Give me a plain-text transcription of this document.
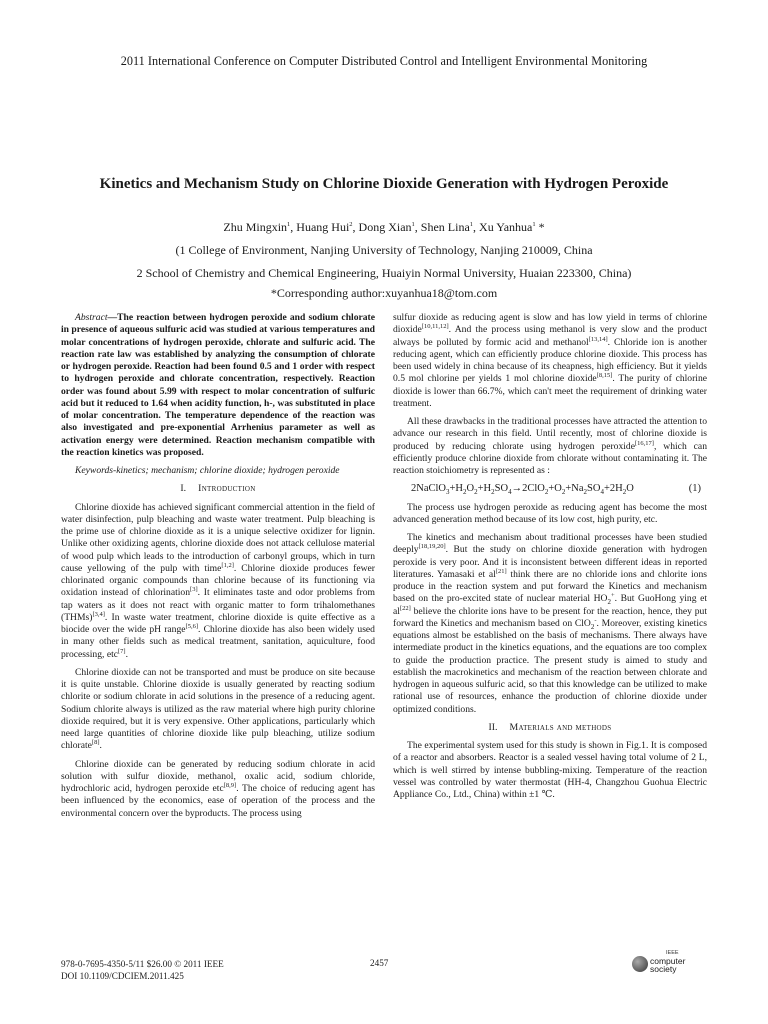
2011 International Conference on Computer Distributed Control and Intelligent Environmental Monitoring
Kinetics and Mechanism Study on Chlorine Dioxide Generation with Hydrogen Peroxide
Zhu Mingxin$^1$, Huang Hui$^2$, Dong Xian$^1$, Shen Lina$^1$, Xu Yanhua$^1$ *
(1 College of Environment, Nanjing University of Technology, Nanjing 210009, China
2 School of Chemistry and Chemical Engineering, Huaiyin Normal University, Huaian 223300, China)
*Corresponding author:xuyanhua18@tom.com

Abstract—The reaction between hydrogen peroxide and sodium chlorate in presence of aqueous sulfuric acid was studied at various temperatures and molar concentrations of hydrogen peroxide, chlorate and sulfuric acid. The reaction rate law was established by analyzing the consumption of chlorate or hydrogen peroxide. Reaction had been found 0.5 and 1 order with respect to hydrogen peroxide and chlorate concentration, respectively. Reaction order was found about 5.99 with respect to molar concentration of sulfuric acid but it reduced to 1.64 when acidity function, h-, was substituted in place of molar concentration. The temperature dependence of the reaction was also investigated and pre-exponential Arrhenius parameter as well as activation energy were determined. Reaction mechanism compatible with the reaction kinetics was proposed.

Keywords-kinetics; mechanism; chlorine dioxide; hydrogen peroxide

I. Introduction

Chlorine dioxide has achieved significant commercial attention in the field of water disinfection, pulp bleaching and waste water treatment. Pulp bleaching is the prime use of chlorine dioxide as it is a unique selective oxidizer for lignin. Unlike other oxidizing agents, chlorine dioxide does not attack cellulose material of wood pulp which leads to the introduction of carbonyl groups, which in turn cause yellowing of the pulp with time[1,2]. Chlorine dioxide produces fewer chlorinated organic compounds than chlorine because of its functioning via oxidation instead of chlorination[3]. It eliminates taste and odor problems from tap waters as it does not react with organic matter to form trihalomethanes (THMs)[3,4]. In waste water treatment, chlorine dioxide is quite effective as a biocide over the wide pH range[5,6]. Chlorine dioxide has also been widely used in many other fields such as medical treatment, sanitation, aquiculture, food processing, etc[7].

Chlorine dioxide can not be transported and must be produce on site because it is quite unstable. Chlorine dioxide is usually generated by reacting sodium chlorite or sodium chlorate in acid solutions in the presence of a reducing agent. Sodium chlorite always is utilized as the raw material where high purity chlorine dioxide required, but it is very expensive. Other applications, particularly which need large quantities of chlorine dioxide like pulp bleaching, utilize sodium chlorate[8].

Chlorine dioxide can be generated by reducing sodium chlorate in acid solution with sulfur dioxide, methanol, oxalic acid, sodium chloride, hydrochloric acid, hydrogen peroxide etc[8,9]. The choice of reducing agent has been influenced by the economics, ease of operation of the process and the environmental concern over the byproducts. The process using

sulfur dioxide as reducing agent is slow and has low yield in terms of chlorine dioxide[10,11,12]. And the process using methanol is very slow and the product always be polluted by formic acid and methanol[13,14]. Chloride ion is another reducing agent, which can efficiently produce chlorine dioxide. This process has been used widely in china because of its cheapness, high efficiency. But it yields 0.5 mol chlorine per yields 1 mol chlorine dioxide[8,15]. The purity of chlorine dioxide is lower than 66.7%, which can't meet the requirement of drinking water treatment.

All these drawbacks in the traditional processes have attracted the attention to advance our research in this field. Until recently, most of chlorine dioxide is produced by reducing chlorate using hydrogen peroxide[16,17], which can efficiently produce chlorine dioxide from chlorate without contaminating it. The reaction stoichiometry is represented as :

$2NaClO_3+H_2O_2+H_2SO_4\to 2ClO_2+O_2+Na_2SO_4+2H_2O$	(1)

The process use hydrogen peroxide as reducing agent has become the most advanced generation method because of its low cost, high purity, etc.

The kinetics and mechanism about traditional processes have been studied deeply[18,19,20]. But the study on chlorine dioxide generation with hydrogen peroxide is very poor. And it is inconsistent between different ideas in reported literatures. Yamasaki et al[21] think there are no chloride ions and chlorite ions produce in the reaction system and put forward the Kinetics and mechanism based on the pro-excited state of nuclear material $HO_2^+$. But GuoHong ying et al[22] believe the chlorite ions have to be present for the reaction, hence, they put forward the Kinetics and mechanism based on ClO$_2$-. Moreover, existing kinetics equations almost be established on the basis of mechanisms. There always have intermediate product in the kinetics equations, and the equations are too complex to guide the production practice. The present study is aimed to study and establish the macrokinetics and mechanism of the reaction between chlorate and hydrogen in aqueous sulfuric acid, so that this knowledge can be utilized to make rational use of resources, enhance the production of chlorine dioxide under optimized conditions.

II. Materials and methods

The experimental system used for this study is shown in Fig.1. It is composed of a reactor and absorbers. Reactor is a sealed vessel having total volume of 2 L, which is well stirred by intense bubbling-mixing. Temperature of the reaction vessel was controlled by water thermostat (HH-4, Changzhou Guohua Electric Appliance Co., Ltd., China) within ±1 ℃.

978-0-7695-4350-5/11 $26.00 © 2011 IEEE
DOI 10.1109/CDCIEM.2011.425
2457
IEEE
computer
society
